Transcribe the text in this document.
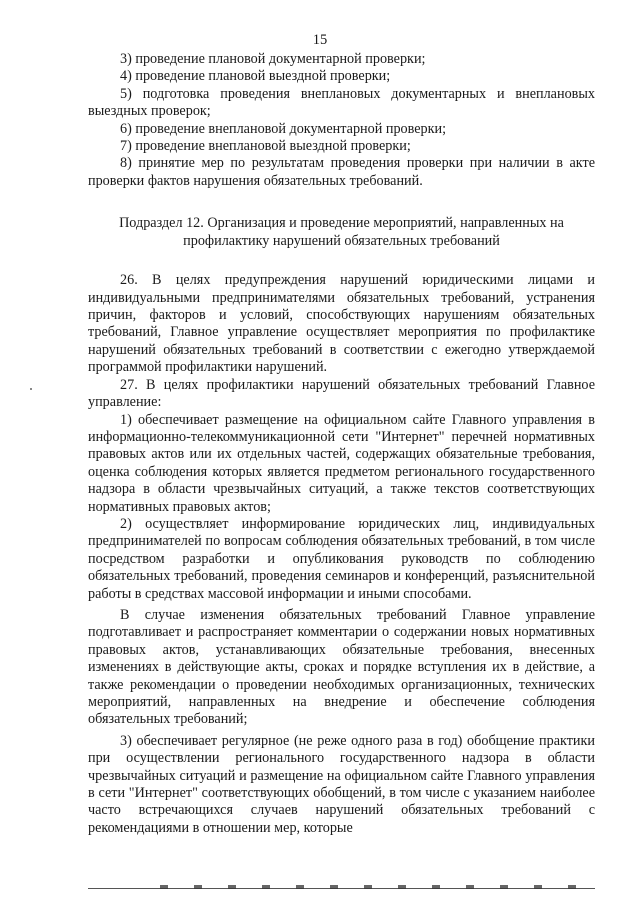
15

3) проведение плановой документарной проверки;

4) проведение плановой выездной проверки;

5) подготовка проведения внеплановых документарных и внеплановых выездных проверок;

6) проведение внеплановой документарной проверки;

7) проведение внеплановой выездной проверки;

8) принятие мер по результатам проведения проверки при наличии в акте проверки фактов нарушения обязательных требований.

Подраздел 12. Организация и проведение мероприятий, направленных на
профилактику нарушений обязательных требований

26. В целях предупреждения нарушений юридическими лицами и индивидуальными предпринимателями обязательных требований, устранения причин, факторов и условий, способствующих нарушениям обязательных требований, Главное управление осуществляет мероприятия по профилактике нарушений обязательных требований в соответствии с ежегодно утверждаемой программой профилактики нарушений.

27. В целях профилактики нарушений обязательных требований Главное управление:

1) обеспечивает размещение на официальном сайте Главного управления в информационно-телекоммуникационной сети "Интернет" перечней нормативных правовых актов или их отдельных частей, содержащих обязательные требования, оценка соблюдения которых является предметом регионального государственного надзора в области чрезвычайных ситуаций, а также текстов соответствующих нормативных правовых актов;

2) осуществляет информирование юридических лиц, индивидуальных предпринимателей по вопросам соблюдения обязательных требований, в том числе посредством разработки и опубликования руководств по соблюдению обязательных требований, проведения семинаров и конференций, разъяснительной работы в средствах массовой информации и иными способами.

В случае изменения обязательных требований Главное управление подготавливает и распространяет комментарии о содержании новых нормативных правовых актов, устанавливающих обязательные требования, внесенных изменениях в действующие акты, сроках и порядке вступления их в действие, а также рекомендации о проведении необходимых организационных, технических мероприятий, направленных на внедрение и обеспечение соблюдения обязательных требований;

3) обеспечивает регулярное (не реже одного раза в год) обобщение практики при осуществлении регионального государственного надзора в области чрезвычайных ситуаций и размещение на официальном сайте Главного управления в сети "Интернет" соответствующих обобщений, в том числе с указанием наиболее часто встречающихся случаев нарушений обязательных требований с рекомендациями в отношении мер, которые
